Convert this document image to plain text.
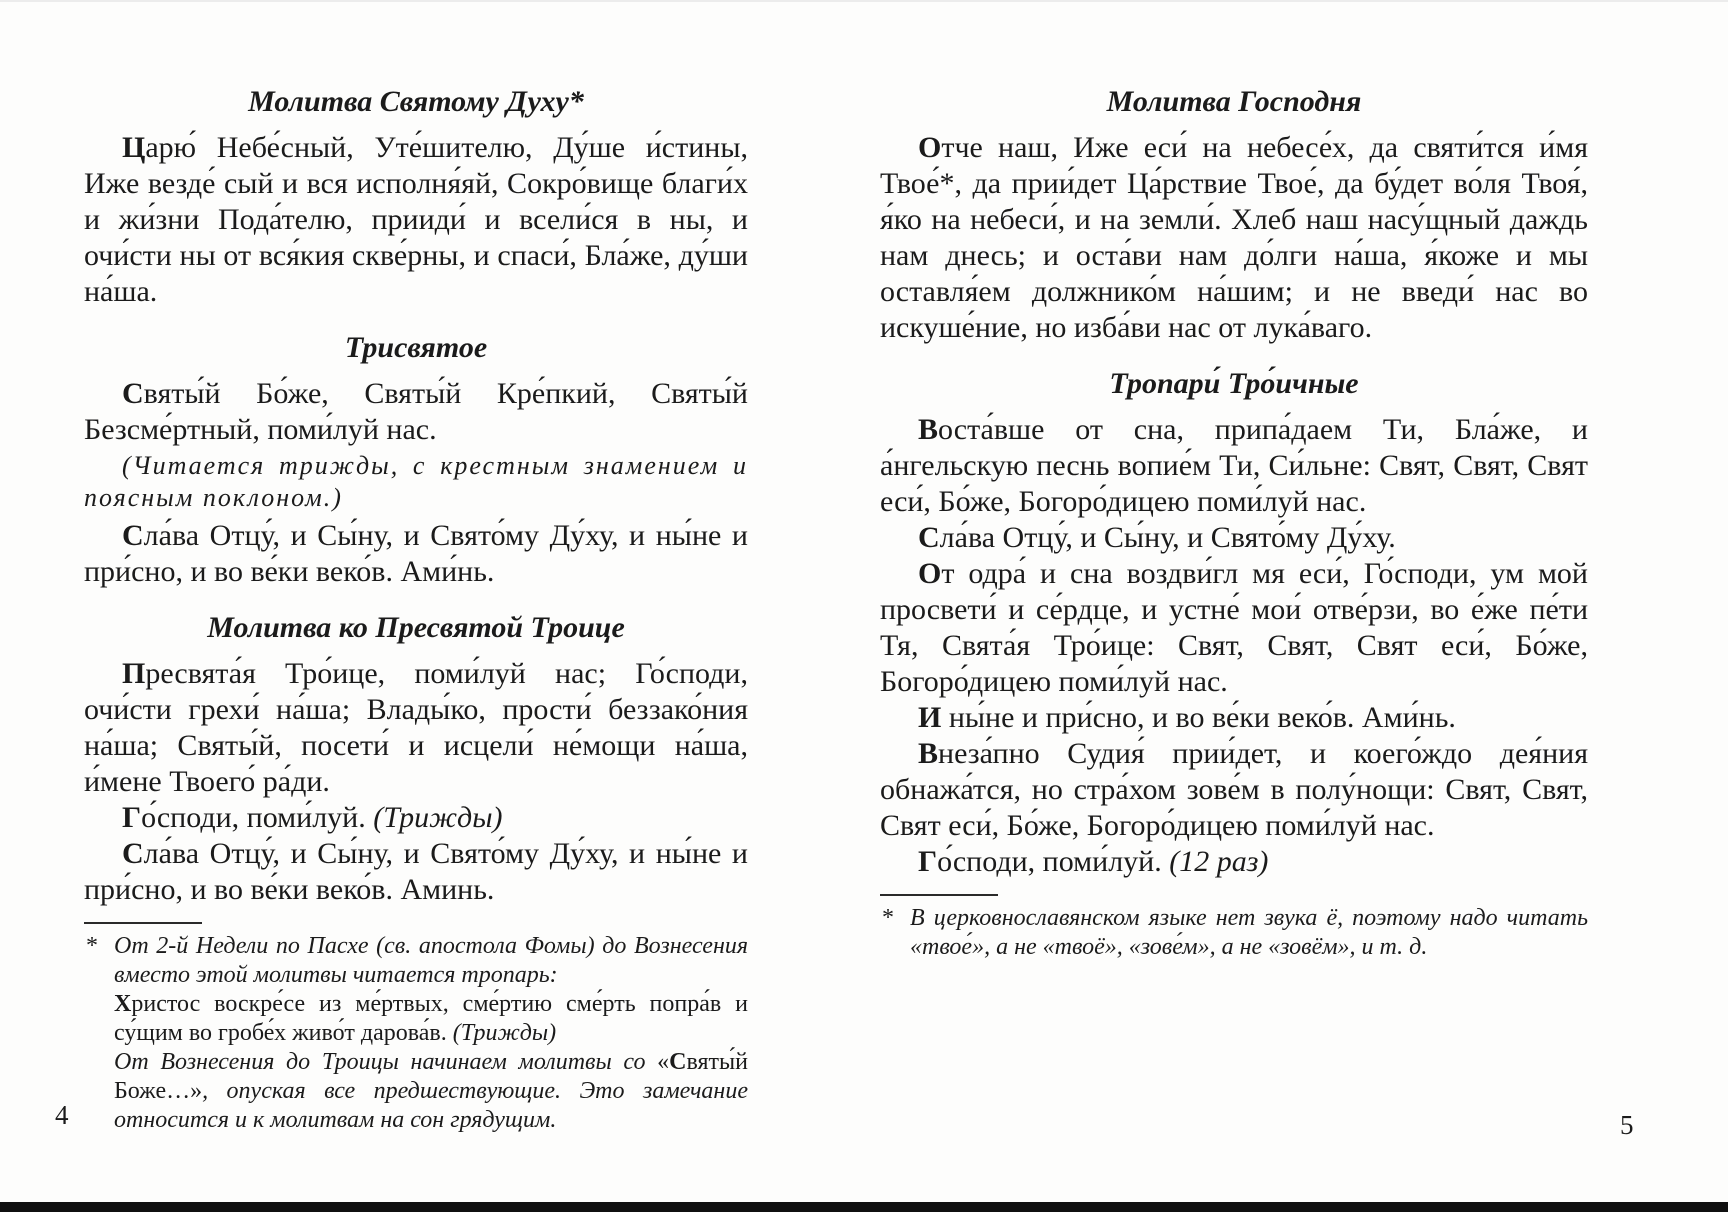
Молитва Святому Духу*
Царю́ Небе́сный, Уте́шителю, Ду́ше и́стины, Иже везде́ сый и вся исполня́яй, Сокро́вище благи́х и жи́зни Пода́телю, прииди́ и всели́ся в ны, и очи́сти ны от вся́кия скве́рны, и спаси́, Бла́же, ду́ши на́ша.
Трисвятое
Святы́й Бо́же, Святы́й Кре́пкий, Святы́й Безсме́ртный, поми́луй нас.
(Читается трижды, с крестным знамением и поясным поклоном.)
Сла́ва Отцу́, и Сы́ну, и Свято́му Ду́ху, и ны́не и при́сно, и во ве́ки веко́в. Ами́нь.
Молитва ко Пресвятой Троице
Пресвята́я Тро́ице, поми́луй нас; Го́споди, очи́сти грехи́ на́ша; Влады́ко, прости́ беззако́ния на́ша; Святы́й, посети́ и исцели́ не́мощи на́ша, и́мене Твоего́ ра́ди.
Го́споди, поми́луй. (Трижды)
Сла́ва Отцу́, и Сы́ну, и Свято́му Ду́ху, и ны́не и при́сно, и во ве́ки веко́в. Аминь.
* От 2-й Недели по Пасхе (св. апостола Фомы) до Вознесения вместо этой молитвы читается тропарь:
Христос воскре́се из ме́ртвых, сме́ртию сме́рть попра́в и су́щим во гробе́х живо́т дарова́в. (Трижды)
От Вознесения до Троицы начинаем молитвы со «Святы́й Боже…», опуская все предшествующие. Это замечание относится и к молитвам на сон грядущим.
Молитва Господня
Отче наш, Иже еси́ на небесе́х, да святи́тся и́мя Твое́*, да прии́дет Ца́рствие Твое́, да бу́дет во́ля Твоя́, я́ко на небеси́, и на земли́. Хлеб наш насу́щный даждь нам днесь; и оста́ви нам до́лги на́ша, я́коже и мы оставля́ем должнико́м на́шим; и не введи́ нас во искуше́ние, но изба́ви нас от лука́ваго.
Тропари́ Тро́ичные
Воста́вше от сна, припа́даем Ти, Бла́же, и а́нгельскую песнь вопие́м Ти, Си́льне: Свят, Свят, Свят еси́, Бо́же, Богоро́дицею поми́луй нас.
Сла́ва Отцу́, и Сы́ну, и Свято́му Ду́ху.
От одра́ и сна воздви́гл мя еси́, Го́споди, ум мой просвети́ и се́рдце, и устне́ мои́ отве́рзи, во е́же пе́ти Тя, Свята́я Тро́ице: Свят, Свят, Свят еси́, Бо́же, Богоро́дицею поми́луй нас.
И ны́не и при́сно, и во ве́ки веко́в. Ами́нь.
Внеза́пно Судия́ прии́дет, и коего́ждо дея́ния обнажа́тся, но стра́хом зове́м в полу́нощи: Свят, Свят, Свят еси́, Бо́же, Богоро́дицею поми́луй нас.
Го́споди, поми́луй. (12 раз)
* В церковнославянском языке нет звука ё, поэтому надо читать «твое́», а не «твоё», «зове́м», а не «зовём», и т. д.
4	5
